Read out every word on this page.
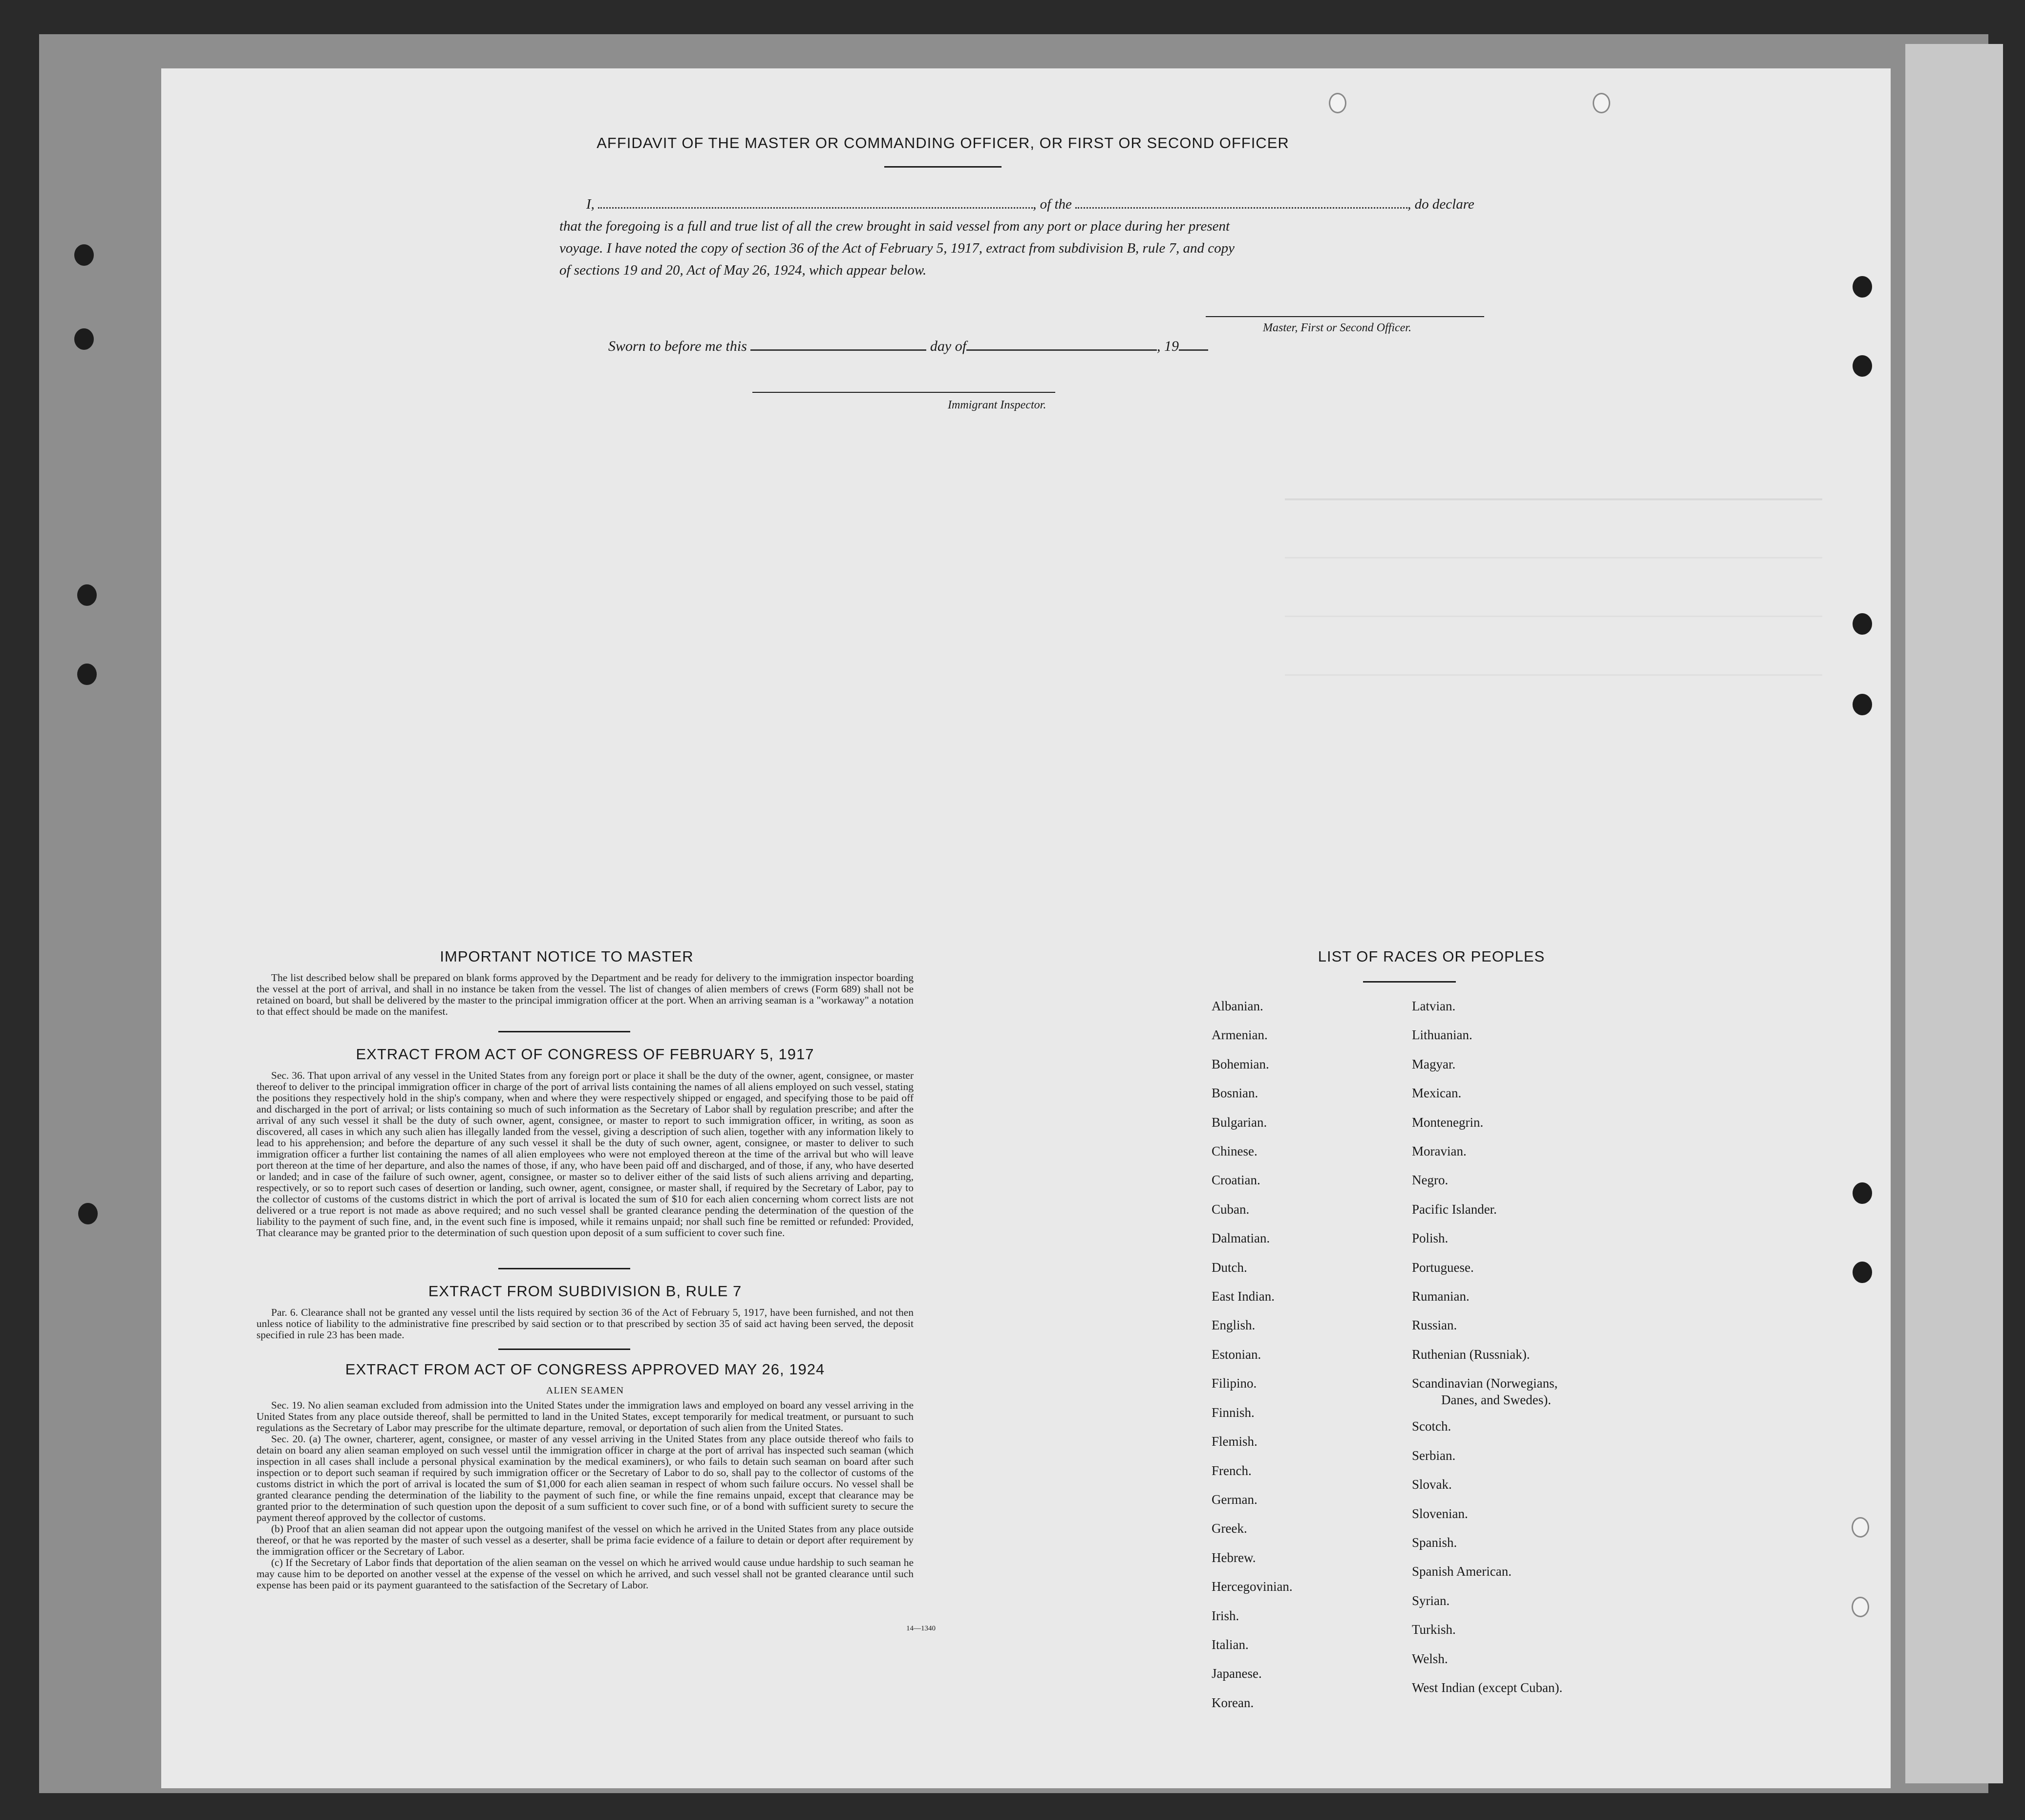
AFFIDAVIT OF THE MASTER OR COMMANDING OFFICER, OR FIRST OR SECOND OFFICER
I,	, of the	, do declare
that the foregoing is a full and true list of all the crew brought in said vessel from any port or place during her present
voyage. I have noted the copy of section 36 of the Act of February 5, 1917, extract from subdivision B, rule 7, and copy
of sections 19 and 20, Act of May 26, 1924, which appear below.
Master, First or Second Officer.
Sworn to before me this	day of	, 19
Immigrant Inspector.
IMPORTANT NOTICE TO MASTER

The list described below shall be prepared on blank forms approved by the Department and be ready for delivery to the immigration inspector boarding the vessel at the port of arrival, and shall in no instance be taken from the vessel. The list of changes of alien members of crews (Form 689) shall not be retained on board, but shall be delivered by the master to the principal immigration officer at the port. When an arriving seaman is a "workaway" a notation to that effect should be made on the manifest.

EXTRACT FROM ACT OF CONGRESS OF FEBRUARY 5, 1917

Sec. 36. That upon arrival of any vessel in the United States from any foreign port or place it shall be the duty of the owner, agent, consignee, or master thereof to deliver to the principal immigration officer in charge of the port of arrival lists containing the names of all aliens employed on such vessel, stating the positions they respectively hold in the ship's company, when and where they were respectively shipped or engaged, and specifying those to be paid off and discharged in the port of arrival; or lists containing so much of such information as the Secretary of Labor shall by regulation prescribe; and after the arrival of any such vessel it shall be the duty of such owner, agent, consignee, or master to report to such immigration officer, in writing, as soon as discovered, all cases in which any such alien has illegally landed from the vessel, giving a description of such alien, together with any information likely to lead to his apprehension; and before the departure of any such vessel it shall be the duty of such owner, agent, consignee, or master to deliver to such immigration officer a further list containing the names of all alien employees who were not employed thereon at the time of the arrival but who will leave port thereon at the time of her departure, and also the names of those, if any, who have been paid off and discharged, and of those, if any, who have deserted or landed; and in case of the failure of such owner, agent, consignee, or master so to deliver either of the said lists of such aliens arriving and departing, respectively, or so to report such cases of desertion or landing, such owner, agent, consignee, or master shall, if required by the Secretary of Labor, pay to the collector of customs of the customs district in which the port of arrival is located the sum of $10 for each alien concerning whom correct lists are not delivered or a true report is not made as above required; and no such vessel shall be granted clearance pending the determination of the question of the liability to the payment of such fine, and, in the event such fine is imposed, while it remains unpaid; nor shall such fine be remitted or refunded: Provided, That clearance may be granted prior to the determination of such question upon deposit of a sum sufficient to cover such fine.

EXTRACT FROM SUBDIVISION B, RULE 7

Par. 6. Clearance shall not be granted any vessel until the lists required by section 36 of the Act of February 5, 1917, have been furnished, and not then unless notice of liability to the administrative fine prescribed by said section or to that prescribed by section 35 of said act having been served, the deposit specified in rule 23 has been made.

EXTRACT FROM ACT OF CONGRESS APPROVED MAY 26, 1924
ALIEN SEAMEN

Sec. 19. No alien seaman excluded from admission into the United States under the immigration laws and employed on board any vessel arriving in the United States from any place outside thereof, shall be permitted to land in the United States, except temporarily for medical treatment, or pursuant to such regulations as the Secretary of Labor may prescribe for the ultimate departure, removal, or deportation of such alien from the United States.

Sec. 20. (a) The owner, charterer, agent, consignee, or master of any vessel arriving in the United States from any place outside thereof who fails to detain on board any alien seaman employed on such vessel until the immigration officer in charge at the port of arrival has inspected such seaman (which inspection in all cases shall include a personal physical examination by the medical examiners), or who fails to detain such seaman on board after such inspection or to deport such seaman if required by such immigration officer or the Secretary of Labor to do so, shall pay to the collector of customs of the customs district in which the port of arrival is located the sum of $1,000 for each alien seaman in respect of whom such failure occurs. No vessel shall be granted clearance pending the determination of the liability to the payment of such fine, or while the fine remains unpaid, except that clearance may be granted prior to the determination of such question upon the deposit of a sum sufficient to cover such fine, or of a bond with sufficient surety to secure the payment thereof approved by the collector of customs.

(b) Proof that an alien seaman did not appear upon the outgoing manifest of the vessel on which he arrived in the United States from any place outside thereof, or that he was reported by the master of such vessel as a deserter, shall be prima facie evidence of a failure to detain or deport after requirement by the immigration officer or the Secretary of Labor.

(c) If the Secretary of Labor finds that deportation of the alien seaman on the vessel on which he arrived would cause undue hardship to such seaman he may cause him to be deported on another vessel at the expense of the vessel on which he arrived, and such vessel shall not be granted clearance until such expense has been paid or its payment guaranteed to the satisfaction of the Secretary of Labor.

14—1340
LIST OF RACES OR PEOPLES
Albanian.
Armenian.
Bohemian.
Bosnian.
Bulgarian.
Chinese.
Croatian.
Cuban.
Dalmatian.
Dutch.
East Indian.
English.
Estonian.
Filipino.
Finnish.
Flemish.
French.
German.
Greek.
Hebrew.
Hercegovinian.
Irish.
Italian.
Japanese.
Korean.
Latvian.
Lithuanian.
Magyar.
Mexican.
Montenegrin.
Moravian.
Negro.
Pacific Islander.
Polish.
Portuguese.
Rumanian.
Russian.
Ruthenian (Russniak).
Scandinavian (Norwegians,
Danes, and Swedes).
Scotch.
Serbian.
Slovak.
Slovenian.
Spanish.
Spanish American.
Syrian.
Turkish.
Welsh.
West Indian (except Cuban).
